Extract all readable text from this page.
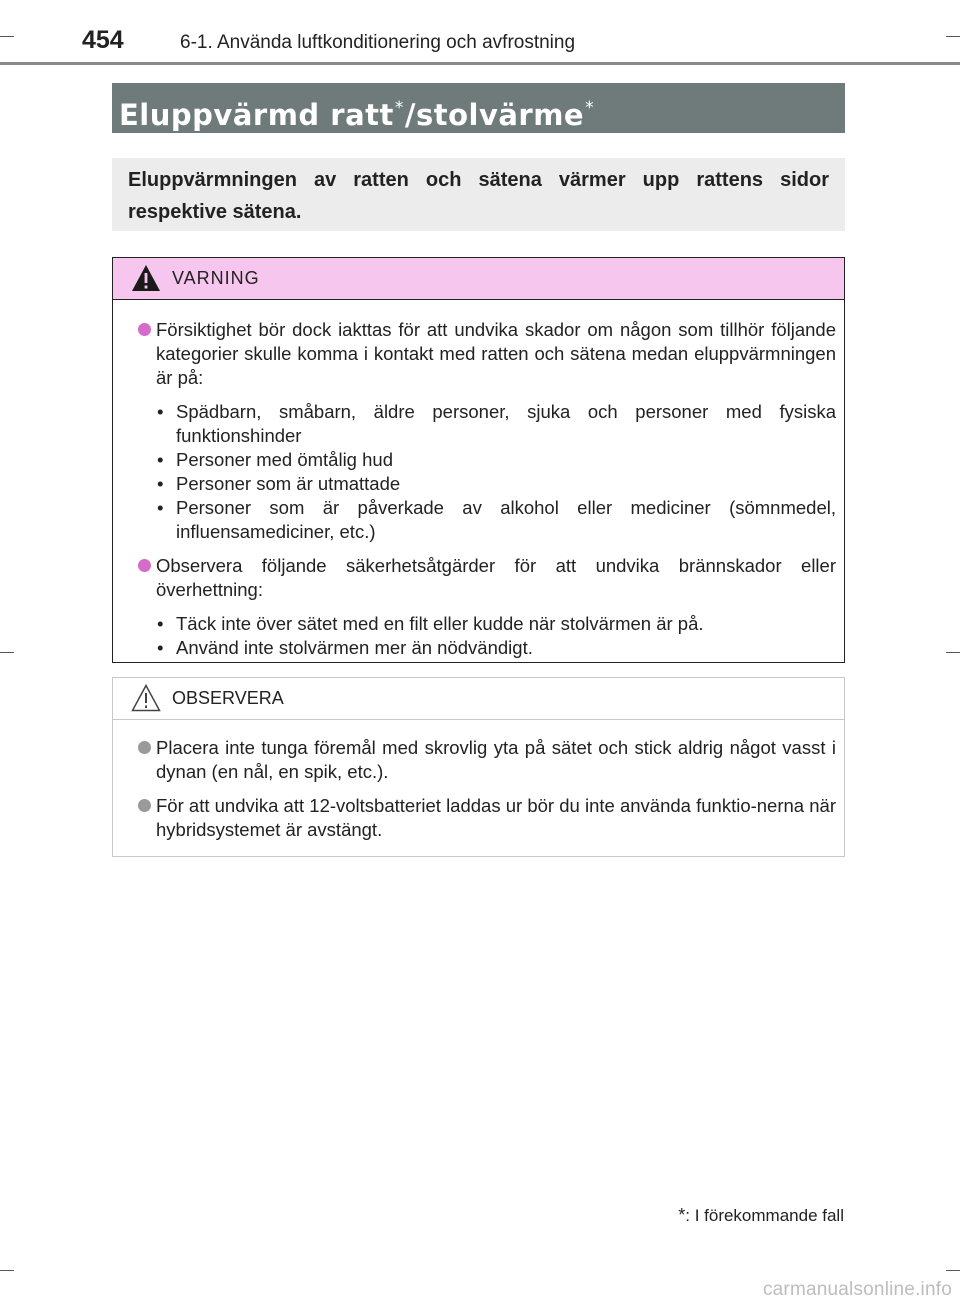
454	6-1. Använda luftkonditionering och avfrostning
Eluppvärmd ratt*/stolvärme*
Eluppvärmningen av ratten och sätena värmer upp rattens sidor respektive sätena.
VARNING
Försiktighet bör dock iakttas för att undvika skador om någon som tillhör följande kategorier skulle komma i kontakt med ratten och sätena medan eluppvärmningen är på:
• Spädbarn, småbarn, äldre personer, sjuka och personer med fysiska funktionshinder
• Personer med ömtålig hud
• Personer som är utmattade
• Personer som är påverkade av alkohol eller mediciner (sömnmedel, influensamediciner, etc.)
Observera följande säkerhetsåtgärder för att undvika brännskador eller överhettning:
• Täck inte över sätet med en filt eller kudde när stolvärmen är på.
• Använd inte stolvärmen mer än nödvändigt.
OBSERVERA
Placera inte tunga föremål med skrovlig yta på sätet och stick aldrig något vasst i dynan (en nål, en spik, etc.).
För att undvika att 12-voltsbatteriet laddas ur bör du inte använda funktio-nerna när hybridsystemet är avstängt.
*: I förekommande fall
carmanualsonline.info
